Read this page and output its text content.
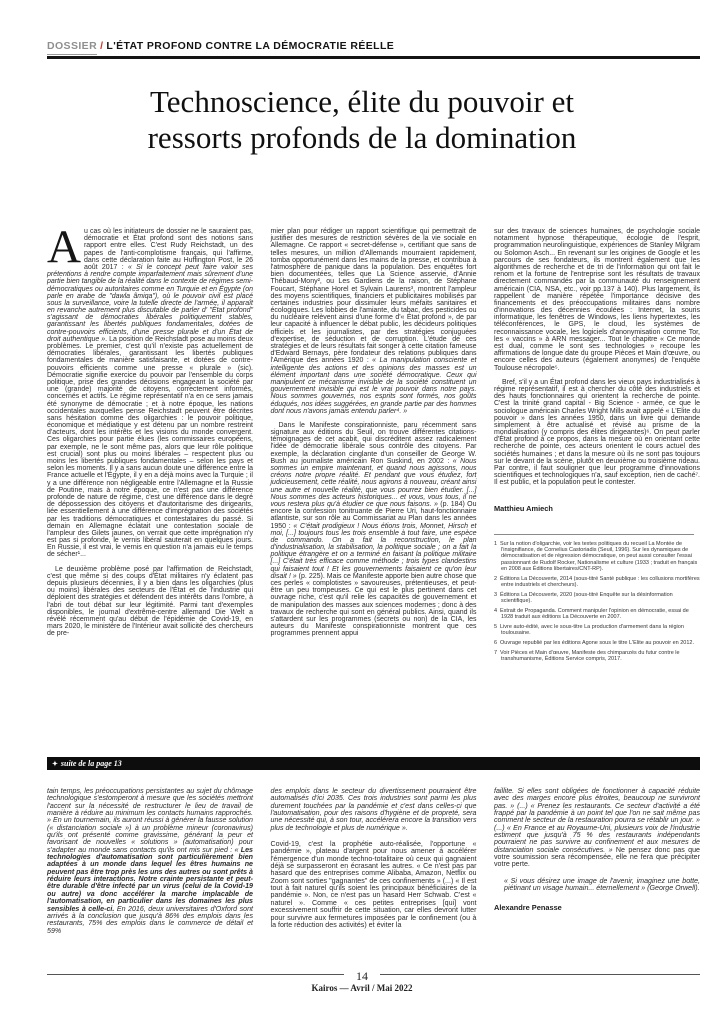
DOSSIER / L'ÉTAT PROFOND CONTRE LA DÉMOCRATIE RÉELLE
Technoscience, élite du pouvoir et
ressorts profonds de la domination

Au cas où les initiateurs de dossier ne le sauraient pas, démocratie et État profond sont des notions sans rapport entre elles. C'est Rudy Reichstadt, un des papes de l'anti-complotisme français, qui l'affirme, dans cette déclaration faite au Huffington Post, le 26 août 2017 : « Si le concept peut faire valoir ses prétentions à rendre compte imparfaitement mais sûrement d'une partie bien tangible de la réalité dans le contexte de régimes semi-démocratiques ou autoritaires comme en Turquie et en Égypte (on parle en arabe de "dawla âmiqa"), où le pouvoir civil est placé sous la surveillance, voire la tutelle directe de l'armée, il apparaît en revanche autrement plus discutable de parler d' "État profond" s'agissant de démocraties libérales politiquement stables, garantissant les libertés publiques fondamentales, dotées de contre-pouvoirs efficients, d'une presse plurale et d'un État de droit authentique ». La position de Reichstadt pose au moins deux problèmes. Le premier, c'est qu'il n'existe pas actuellement de démocraties libérales, garantissant les libertés publiques fondamentales de manière satisfaisante, et dotées de contre-pouvoirs efficients comme une presse « plurale » (sic). Démocratie signifie exercice du pouvoir par l'ensemble du corps politique, prise des grandes décisions engageant la société par une (grande) majorité de citoyens, correctement informés, concernés et actifs. Le régime représentatif n'a en ce sens jamais été synonyme de démocratie ; et à notre époque, les nations occidentales auxquelles pense Reichstadt peuvent être décrites sans hésitation comme des oligarchies : le pouvoir politique, économique et médiatique y est détenu par un nombre restreint d'acteurs, dont les intérêts et les visions du monde convergent. Ces oligarchies pour partie élues (les commissaires européens, par exemple, ne le sont même pas, alors que leur rôle politique est crucial) sont plus ou moins libérales – respectent plus ou moins les libertés publiques fondamentales – selon les pays et selon les moments. Il y a sans aucun doute une différence entre la France actuelle et l'Égypte, il y en a déjà moins avec la Turquie ; il y a une différence non négligeable entre l'Allemagne et la Russie de Poutine, mais à notre époque, ce n'est pas une différence profonde de nature de régime, c'est une différence dans le degré de dépossession des citoyens et d'autoritarisme des dirigeants, liée essentiellement à une différence d'imprégnation des sociétés par les traditions démocratiques et contestataires du passé. Si demain en Allemagne éclatait une contestation sociale de l'ampleur des Gilets jaunes, on verrait que cette imprégnation n'y est pas si profonde, le vernis libéral sauterait en quelques jours. En Russie, il est vrai, le vernis en question n'a jamais eu le temps de sécher¹...

Le deuxième problème posé par l'affirmation de Reichstadt, c'est que même si des coups d'État militaires n'y éclatent pas depuis plusieurs décennies, il y a bien dans les oligarchies (plus ou moins) libérales des secteurs de l'État et de l'industrie qui déploient des stratégies et défendent des intérêts dans l'ombre, à l'abri de tout débat sur leur légitimité. Parmi tant d'exemples disponibles, le journal d'extrême-centre allemand Die Welt a révélé récemment qu'au début de l'épidémie de Covid-19, en mars 2020, le ministère de l'Intérieur avait sollicité des chercheurs de pre-

mier plan pour rédiger un rapport scientifique qui permettrait de justifier des mesures de restriction sévères de la vie sociale en Allemagne. Ce rapport « secret-défense », certifiant que sans de telles mesures, un million d'Allemands mourraient rapidement, tomba opportunément dans les mains de la presse, et contribua à l'atmosphère de panique dans la population. Des enquêtes fort bien documentées, telles que La Science asservie, d'Annie Thébaud-Mony², ou Les Gardiens de la raison, de Stéphane Foucart, Stéphane Horel et Sylvain Laurens³, montrent l'ampleur des moyens scientifiques, financiers et publicitaires mobilisés par certaines industries pour dissimuler leurs méfaits sanitaires et écologiques. Les lobbies de l'amiante, du tabac, des pesticides ou du nucléaire relèvent ainsi d'une forme d'« État profond », de par leur capacité à influencer le débat public, les décideurs politiques officiels et les journalistes, par des stratégies conjuguées d'expertise, de séduction et de corruption. L'étude de ces stratégies et de leurs résultats fait songer à cette citation fameuse d'Edward Bernays, père fondateur des relations publiques dans l'Amérique des années 1920 : « La manipulation consciente et intelligente des actions et des opinions des masses est un élément important dans une société démocratique. Ceux qui manipulent ce mécanisme invisible de la société constituent un gouvernement invisible qui est le vrai pouvoir dans notre pays. Nous sommes gouvernés, nos esprits sont formés, nos goûts éduqués, nos idées suggérées, en grande partie par des hommes dont nous n'avons jamais entendu parler⁴. »

Dans le Manifeste conspirationniste, paru récemment sans signature aux éditions du Seuil, on trouve différentes citations-témoignages de cet acabit, qui discréditent assez radicalement l'idée de démocratie libérale sous contrôle des citoyens. Par exemple, la déclaration cinglante d'un conseiller de George W. Bush au journaliste américain Ron Suskind, en 2002 : « Nous sommes un empire maintenant, et quand nous agissons, nous créons notre propre réalité. Et pendant que vous étudiez, fort judicieusement, cette réalité, nous agirons à nouveau, créant ainsi une autre et nouvelle réalité, que vous pourrez bien étudier. [...] Nous sommes des acteurs historiques... et vous, vous tous, il ne vous restera plus qu'à étudier ce que nous faisons. » (p. 184) Ou encore la confession tonitruante de Pierre Uri, haut-fonctionnaire atlantiste, sur son rôle au Commissariat au Plan dans les années 1950 : « C'était prodigieux ! Nous étions trois, Monnet, Hirsch et moi, [...] toujours tous les trois ensemble à tout faire, une espèce de commando. On a fait la reconstruction, le plan d'industrialisation, la stabilisation, la politique sociale ; on a fait la politique étrangère et on a terminé en faisant la politique militaire [...] C'était très efficace comme méthode ; trois types clandestins qui faisaient tout ! Et les gouvernements faisaient ce qu'on leur disait ! » (p. 225). Mais ce Manifeste apporte bien autre chose que ces perles « complotistes » savoureuses, prétentieuses, et peut-être un peu trompeuses. Ce qui est le plus pertinent dans cet ouvrage riche, c'est qu'il relie les capacités de gouvernement et de manipulation des masses aux sciences modernes ; donc à des travaux de recherche qui sont en général publics. Ainsi, quand ils s'attardent sur les programmes (secrets ou non) de la CIA, les auteurs du Manifeste conspirationniste montrent que ces programmes prennent appui

sur des travaux de sciences humaines, de psychologie sociale notamment hypnose thérapeutique, écologie de l'esprit, programmation neurolinguistique, expériences de Stanley Milgram ou Solomon Asch... En revenant sur les origines de Google et les parcours de ses fondateurs, ils montrent également que les algorithmes de recherche et de tri de l'information qui ont fait le renom et la fortune de l'entreprise sont les résultats de travaux directement commandés par la communauté du renseignement américain (CIA, NSA, etc., voir pp.137 à 140). Plus largement, ils rappellent de manière répétée l'importance décisive des financements et des préoccupations militaires dans nombre d'innovations des décennies écoulées : Internet, la souris informatique, les fenêtres de Windows, les liens hypertextes, les téléconférences, le GPS, le cloud, les systèmes de reconnaissance vocale, les logiciels d'anonymisation comme Tor, les « vaccins » à ARN messager... Tout le chapitre « Ce monde est dual, comme le sont ses technologies » recoupe les affirmations de longue date du groupe Pièces et Main d'œuvre, ou encore celles des auteurs (également anonymes) de l'enquête Toulouse nécropole⁵.

Bref, s'il y a un État profond dans les vieux pays industrialisés à régime représentatif, il est à chercher du côté des industriels et des hauts fonctionnaires qui orientent la recherche de pointe. C'est la trinité grand capital - Big Science - armée, ce que le sociologue américain Charles Wright Mills avait appelé « L'Elite du pouvoir » dans les années 1950, dans un livre qui demande simplement à être actualisé et révisé au prisme de la mondialisation (y compris des élites dirigeantes)⁶. On peut parler d'État profond à ce propos, dans la mesure où en orientant cette recherche de pointe, ces acteurs orientent le cours actuel des sociétés humaines ; et dans la mesure où ils ne sont pas toujours sur le devant de la scène, plutôt en deuxième ou troisième rideau. Par contre, il faut souligner que leur programme d'innovations scientifiques et technologiques n'a, sauf exception, rien de caché⁷. Il est public, et la population peut le contester.

Matthieu Amiech
1 Sur la notion d'oligarchie, voir les textes politiques du recueil La Montée de l'insignifiance, de Cornelius Castoriadis (Seuil, 1996). Sur les dynamiques de démocratisation et de régression démocratique, on peut aussi consulter l'essai passionnant de Rudolf Rocker, Nationalisme et culture (1933 ; traduit en français en 2008 aux Éditions libertaires/CNT-RP).
2 Éditions La Découverte, 2014 (sous-titré Santé publique : les collusions mortifères entre industriels et chercheurs).
3 Éditions La Découverte, 2020 (sous-titré Enquête sur la désinformation scientifique).
4 Extrait de Propaganda. Comment manipuler l'opinion en démocratie, essai de 1928 traduit aux éditions La Découverte en 2007.
5 Livre auto-édité, avec le sous-titre La production d'armement dans la région toulousaine.
6 Ouvrage republié par les éditions Agone sous le titre L'Elite au pouvoir en 2012.
7 Voir Pièces et Main d'œuvre, Manifeste des chimpanzés du futur contre le transhumanisme, Éditions Service compris, 2017.
✦ suite de la page 13

tain temps, les préoccupations persistantes au sujet du chômage technologique s'estomperont à mesure que les sociétés mettront l'accent sur la nécessité de restructurer le lieu de travail de manière à réduire au minimum les contacts humains rapprochés. » En un tournemain, ils auront réussi à générer la fausse solution (« distanciation sociale ») à un problème mineur (coronavirus) qu'ils ont présenté comme gravissime, générant la peur et favorisant de nouvelles « solutions » (automatisation) pour s'adapter au monde sans contacts qu'ils ont mis sur pied : « Les technologies d'automatisation sont particulièrement bien adaptées à un monde dans lequel les êtres humains ne peuvent pas être trop près les uns des autres ou sont prêts à réduire leurs interactions. Notre crainte persistante et peut-être durable d'être infecté par un virus (celui de la Covid-19 ou autre) va donc accélérer la marche implacable de l'automatisation, en particulier dans les domaines les plus sensibles à celle-ci. En 2016, deux universitaires d'Oxford sont arrivés à la conclusion que jusqu'à 86% des emplois dans les restaurants, 75% des emplois dans le commerce de détail et 59%

des emplois dans le secteur du divertissement pourraient être automatisés d'ici 2035. Ces trois industries sont parmi les plus durement touchées par la pandémie et c'est dans celles-ci que l'automatisation, pour des raisons d'hygiène et de propreté, sera une nécessité qui, à son tour, accélérera encore la transition vers plus de technologie et plus de numérique ».

Covid-19, c'est la prophétie auto-réalisée, l'opportune « pandémie », plateau d'argent pour nous amener à accélérer l'émergence d'un monde techno-totalitaire où ceux qui gagnaient déjà se surpasseront en écrasant les autres. « Ce n'est pas par hasard que des entreprises comme Alibaba, Amazon, Netflix ou Zoom sont sorties "gagnantes" de ces confinements » (...) « Il est tout à fait naturel qu'ils soient les principaux bénéficiaires de la pandémie ». Non, ce n'est pas un hasard Herr Schwab. C'est « naturel ». Comme « ces petites entreprises [qui] vont excessivement souffrir de cette situation, car elles devront lutter pour survivre aux fermetures imposées par le confinement (ou à la forte réduction des activités) et éviter la

faillite. Si elles sont obligées de fonctionner à capacité réduite avec des marges encore plus étroites, beaucoup ne survivront pas. » (...) « Prenez les restaurants. Ce secteur d'activité a été frappé par la pandémie à un point tel que l'on ne sait même pas comment le secteur de la restauration pourra se rétablir un jour. » (...) « En France et au Royaume-Uni, plusieurs voix de l'industrie estiment que jusqu'à 75 % des restaurants indépendants pourraient ne pas survivre au confinement et aux mesures de distanciation sociale consécutives. » Ne pensez donc pas que votre soumission sera récompensée, elle ne fera que précipiter votre perte.

« Si vous désirez une image de l'avenir, imaginez une botte, piétinant un visage humain... éternellement » (George Orwell).

Alexandre Penasse
14
Kairos — Avril / Mai 2022
